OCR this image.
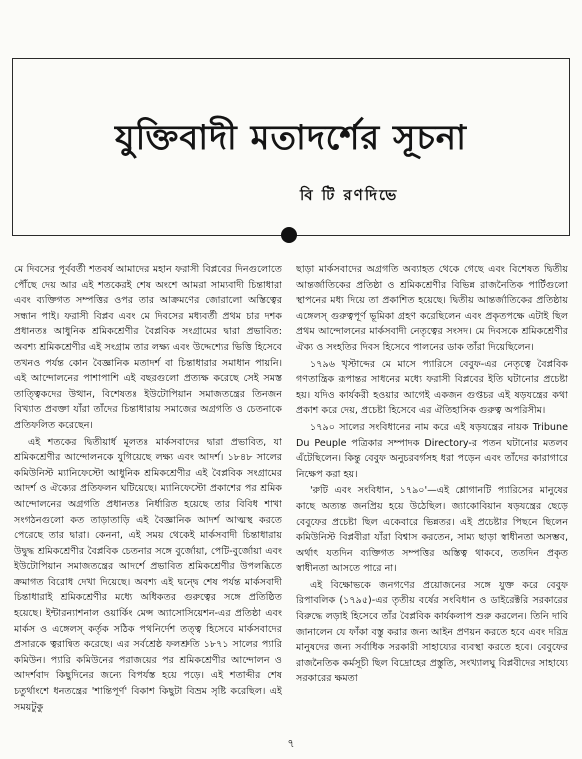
যুক্তিবাদী মতাদর্শের সূচনা
বি টি রণদিভে

মে দিবসের পূর্ববর্তী শতবর্ষ আমাদের মহান ফরাসী বিপ্লবের দিনগুলোতে পৌঁছে দেয় আর এই শতকেরই শেষ অংশে আমরা সাম্যবাদী চিন্তাধারা এবং ব্যক্তিগত সম্পত্তির ওপর তার আক্রমণের জোরালো অস্তিত্বের সন্ধান পাই। ফরাসী বিপ্লব এবং মে দিবসের মধ্যবর্তী প্রথম চার দশক প্রধানতঃ আধুনিক শ্রমিকশ্রেণীর বৈপ্লবিক সংগ্রামের দ্বারা প্রভাবিত: অবশ্য শ্রমিকশ্রেণীর এই সংগ্রাম তার লক্ষ্য এবং উদ্দেশ্যের ভিত্তি হিসেবে তখনও পর্যন্ত কোন বৈজ্ঞানিক মতাদর্শ বা চিন্তাধারার সমাধান পায়নি। এই আন্দোলনের পাশাপাশি এই বছরগুলো প্রত্যক্ষ করেছে সেই সমস্ত তাত্ত্বিকদের উত্থান, বিশেষতঃ ইউটোপিয়ান সমাজতন্ত্রের তিনজন বিখ্যাত প্রবক্তা যাঁরা তাঁদের চিন্তাধারায় সমাজের অগ্রগতি ও চেতনাকে প্রতিফলিত করেছেন।

এই শতকের দ্বিতীয়ার্ধ মূলতঃ মার্কসবাদের দ্বারা প্রভাবিত, যা শ্রমিকশ্রেণীর আন্দোলনকে যুগিয়েছে লক্ষ্য এবং আদর্শ। ১৮৪৮ সালের কমিউনিস্ট ম্যানিফেস্টো আধুনিক শ্রমিকশ্রেণীর এই বৈপ্লবিক সংগ্রামের আদর্শ ও ঐক্যের প্রতিফলন ঘটিয়েছে। ম্যানিফেস্টো প্রকাশের পর শ্রমিক আন্দোলনের অগ্রগতি প্রধানতঃ নির্ধারিত হয়েছে তার বিবিধ শাখা সংগঠনগুলো কত তাড়াতাড়ি এই বৈজ্ঞানিক আদর্শ আত্মস্থ করতে পেরেছে তার দ্বারা। কেননা, এই সময় থেকেই মার্কসবাদী চিন্তাধারায় উদ্বুদ্ধ শ্রমিকশ্রেণীর বৈপ্লবিক চেতনার সঙ্গে বুর্জোয়া, পেটি-বুর্জোয়া এবং ইউটোপিয়ান সমাজতন্ত্রের আদর্শে প্রভাবিত শ্রমিকশ্রেণীর উপলব্ধিতে ক্রমাগত বিরোধ দেখা দিয়েছে। অবশ্য এই দ্বন্দ্বে শেষ পর্যন্ত মার্কসবাদী চিন্তাধারাই শ্রমিকশ্রেণীর মধ্যে অধিকতর গুরুত্বের সঙ্গে প্রতিষ্ঠিত হয়েছে। ইন্টারন্যাশনাল ওয়ার্কিং মেন্স অ্যাসোসিয়েশন-এর প্রতিষ্ঠা এবং মার্কস ও এঙ্গেলস্ কর্তৃক সঠিক পথনির্দেশ তত্ত্ব হিসেবে মার্কসবাদের প্রসারকে ত্বরান্বিত করেছে। এর সর্বশ্রেষ্ঠ ফলশ্রুতি ১৮৭১ সালের প্যারি কমিউন। প্যারি কমিউনের পরাজয়ের পর শ্রমিকশ্রেণীর আন্দোলন ও আদর্শবাদ কিছুদিনের জন্যে বিপর্যস্ত হয়ে পড়ে। এই শতাব্দীর শেষ চতুর্থাংশে ধনতন্ত্রের 'শান্তিপূর্ণ' বিকাশ কিছুটা বিভ্রম সৃষ্টি করেছিল। এই সময়টুকু

ছাড়া মার্কসবাদের অগ্রগতি অব্যাহত থেকে গেছে এবং বিশেষত দ্বিতীয় আন্তর্জাতিকের প্রতিষ্ঠা ও শ্রমিকশ্রেণীর বিভিন্ন রাজনৈতিক পার্টিগুলো স্থাপনের মধ্য দিয়ে তা প্রকাশিত হয়েছে। দ্বিতীয় আন্তর্জাতিকের প্রতিষ্ঠায় এঙ্গেলস্ গুরুত্বপূর্ণ ভূমিকা গ্রহণ করেছিলেন এবং প্রকৃতপক্ষে এটাই ছিল প্রথম আন্দোলনের মার্কসবাদী নেতৃত্বের সংসদ। মে দিবসকে শ্রমিকশ্রেণীর ঐক্য ও সংহতির দিবস হিসেবে পালনের ডাক তাঁরা দিয়েছিলেন।

১৭৯৬ খৃস্টাব্দের মে মাসে প্যারিসে বেবুফ-এর নেতৃত্বে বৈপ্লবিক গণতান্ত্রিক রূপান্তর সাধনের মধ্যে ফরাসী বিপ্লবের ইতি ঘটানোর প্রচেষ্টা হয়। যদিও কার্যকরী হওয়ার আগেই একজন গুপ্তচর এই ষড়যন্ত্রের কথা প্রকাশ করে দেয়, প্রচেষ্টা হিসেবে এর ঐতিহাসিক গুরুত্ব অপরিসীম।

১৭৯০ সালের সংবিধানের নাম করে এই ষড়যন্ত্রের নায়ক Tribune Du Peuple পত্রিকার সম্পাদক Directory-র পতন ঘটানোর মতলব এঁটেছিলেন। কিন্তু বেবুফ অনুচরবর্গসহ ধরা পড়েন এবং তাঁদের কারাগারে নিক্ষেপ করা হয়।

'রুটি এবং সংবিধান, ১৭৯০'—এই শ্লোগানটি প্যারিসের মানুষের কাছে অত্যন্ত জনপ্রিয় হয়ে উঠেছিল। জ্যাকোবিয়ান ষড়যন্ত্রের ছেড়ে বেবুফের প্রচেষ্টা ছিল একেবারে ভিন্নতর। এই প্রচেষ্টার পিছনে ছিলেন কমিউনিস্ট বিপ্লবীরা যাঁরা বিশ্বাস করতেন, সাম্য ছাড়া স্বাধীনতা অসম্ভব, অর্থাৎ যতদিন ব্যক্তিগত সম্পত্তির অস্তিত্ব থাকবে, ততদিন প্রকৃত স্বাধীনতা আসতে পারে না।

এই বিক্ষোভকে জনগণের প্রয়োজনের সঙ্গে যুক্ত করে বেবুফ রিপাবলিক (১৭৯৫)-এর তৃতীয় বর্ষের সংবিধান ও ডাইরেক্টরি সরকারের বিরুদ্ধে লড়াই হিসেবে তাঁর বৈপ্লবিক কার্যকলাপ শুরু করলেন। তিনি দাবি জানালেন যে ফাঁকা বস্তু করার জন্য আইন প্রণয়ন করতে হবে এবং দরিদ্র মানুষদের জন্য সর্বাধিক সরকারী সাহায্যের ব্যবস্থা করতে হবে। বেবুফের রাজনৈতিক কর্মসূচী ছিল বিদ্রোহের প্রস্তুতি, সংখ্যালঘু বিপ্লবীদের সাহায্যে সরকারের ক্ষমতা

৭
